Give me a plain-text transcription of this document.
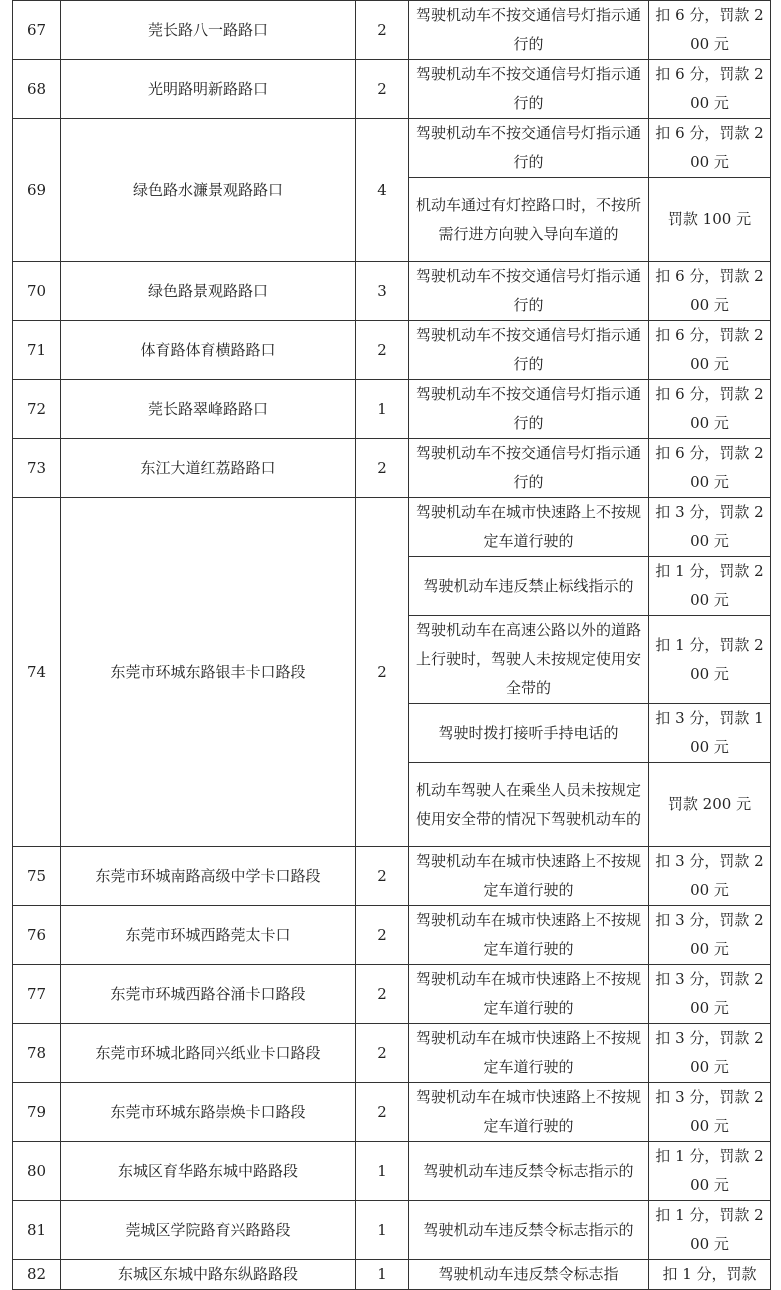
67	莞长路八一路路口	2	驾驶机动车不按交通信号灯指示通行的	扣 6 分，罚款 200 元
68	光明路明新路路口	2	驾驶机动车不按交通信号灯指示通行的	扣 6 分，罚款 200 元
69	绿色路水濂景观路路口	4	驾驶机动车不按交通信号灯指示通行的	扣 6 分，罚款 200 元
			机动车通过有灯控路口时，不按所需行进方向驶入导向车道的	罚款 100 元
70	绿色路景观路路口	3	驾驶机动车不按交通信号灯指示通行的	扣 6 分，罚款 200 元
71	体育路体育横路路口	2	驾驶机动车不按交通信号灯指示通行的	扣 6 分，罚款 200 元
72	莞长路翠峰路路口	1	驾驶机动车不按交通信号灯指示通行的	扣 6 分，罚款 200 元
73	东江大道红荔路路口	2	驾驶机动车不按交通信号灯指示通行的	扣 6 分，罚款 200 元
74	东莞市环城东路银丰卡口路段	2	驾驶机动车在城市快速路上不按规定车道行驶的	扣 3 分，罚款 200 元
			驾驶机动车违反禁止标线指示的	扣 1 分，罚款 200 元
			驾驶机动车在高速公路以外的道路上行驶时，驾驶人未按规定使用安全带的	扣 1 分，罚款 200 元
			驾驶时拨打接听手持电话的	扣 3 分，罚款 100 元
			机动车驾驶人在乘坐人员未按规定使用安全带的情况下驾驶机动车的	罚款 200 元
75	东莞市环城南路高级中学卡口路段	2	驾驶机动车在城市快速路上不按规定车道行驶的	扣 3 分，罚款 200 元
76	东莞市环城西路莞太卡口	2	驾驶机动车在城市快速路上不按规定车道行驶的	扣 3 分，罚款 200 元
77	东莞市环城西路谷涌卡口路段	2	驾驶机动车在城市快速路上不按规定车道行驶的	扣 3 分，罚款 200 元
78	东莞市环城北路同兴纸业卡口路段	2	驾驶机动车在城市快速路上不按规定车道行驶的	扣 3 分，罚款 200 元
79	东莞市环城东路崇焕卡口路段	2	驾驶机动车在城市快速路上不按规定车道行驶的	扣 3 分，罚款 200 元
80	东城区育华路东城中路路段	1	驾驶机动车违反禁令标志指示的	扣 1 分，罚款 200 元
81	莞城区学院路育兴路路段	1	驾驶机动车违反禁令标志指示的	扣 1 分，罚款 200 元
82	东城区东城中路东纵路路段	1	驾驶机动车违反禁令标志指	扣 1 分，罚款
